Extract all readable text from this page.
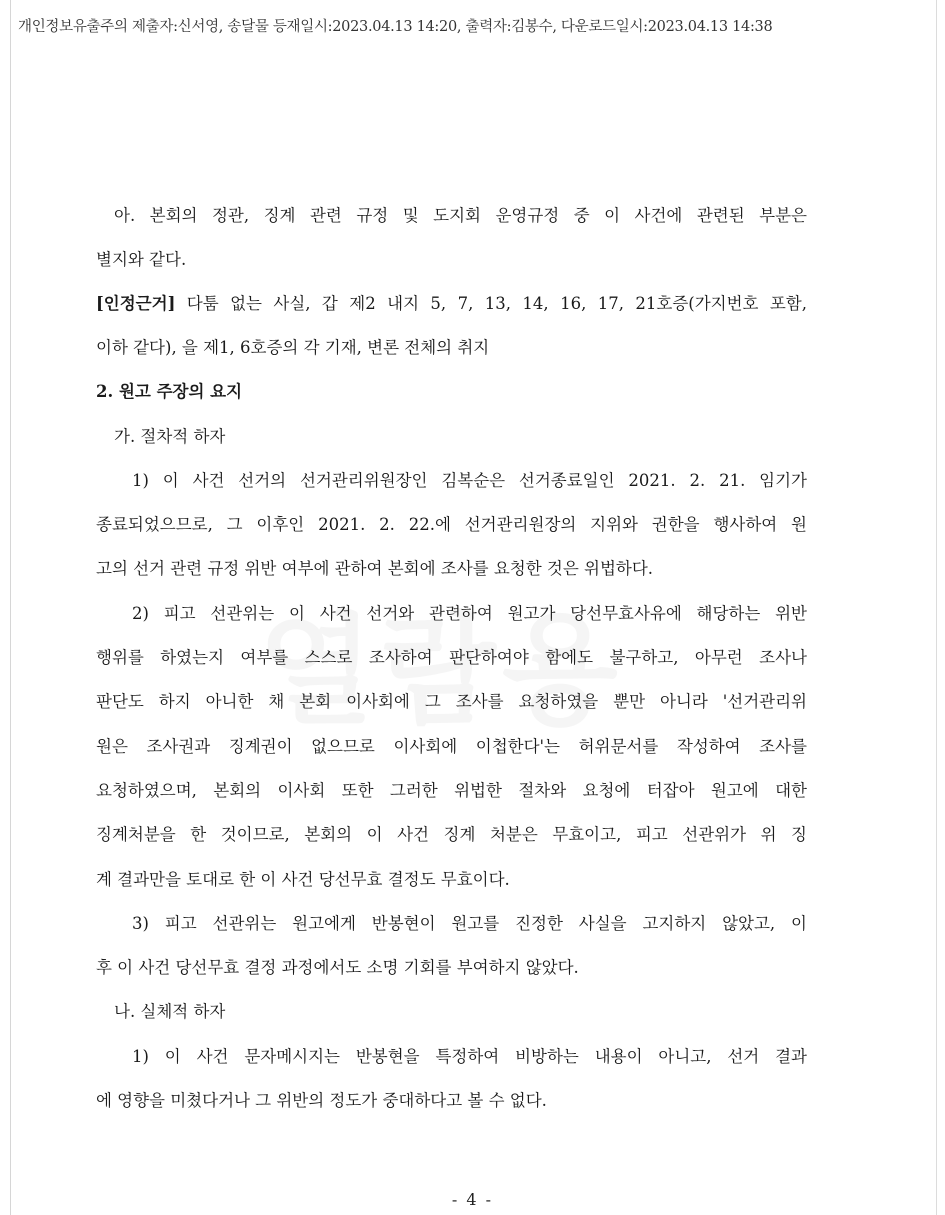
개인정보유출주의 제출자:신서영, 송달물 등재일시:2023.04.13 14:20, 출력자:김봉수, 다운로드일시:2023.04.13 14:38
아. 본회의 정관, 징계 관련 규정 및 도지회 운영규정 중 이 사건에 관련된 부분은
별지와 같다.
[인정근거] 다툼 없는 사실, 갑 제2 내지 5, 7, 13, 14, 16, 17, 21호증(가지번호 포함,
이하 같다), 을 제1, 6호증의 각 기재, 변론 전체의 취지
2. 원고 주장의 요지
가. 절차적 하자
1) 이 사건 선거의 선거관리위원장인 김복순은 선거종료일인 2021. 2. 21. 임기가
종료되었으므로, 그 이후인 2021. 2. 22.에 선거관리원장의 지위와 권한을 행사하여 원
고의 선거 관련 규정 위반 여부에 관하여 본회에 조사를 요청한 것은 위법하다.
2) 피고 선관위는 이 사건 선거와 관련하여 원고가 당선무효사유에 해당하는 위반
행위를 하였는지 여부를 스스로 조사하여 판단하여야 함에도 불구하고, 아무런 조사나
판단도 하지 아니한 채 본회 이사회에 그 조사를 요청하였을 뿐만 아니라 '선거관리위
원은 조사권과 징계권이 없으므로 이사회에 이첩한다'는 허위문서를 작성하여 조사를
요청하였으며, 본회의 이사회 또한 그러한 위법한 절차와 요청에 터잡아 원고에 대한
징계처분을 한 것이므로, 본회의 이 사건 징계 처분은 무효이고, 피고 선관위가 위 징
계 결과만을 토대로 한 이 사건 당선무효 결정도 무효이다.
3) 피고 선관위는 원고에게 반봉현이 원고를 진정한 사실을 고지하지 않았고, 이
후 이 사건 당선무효 결정 과정에서도 소명 기회를 부여하지 않았다.
나. 실체적 하자
1) 이 사건 문자메시지는 반봉현을 특정하여 비방하는 내용이 아니고, 선거 결과
에 영향을 미쳤다거나 그 위반의 정도가 중대하다고 볼 수 없다.
- 4 -
